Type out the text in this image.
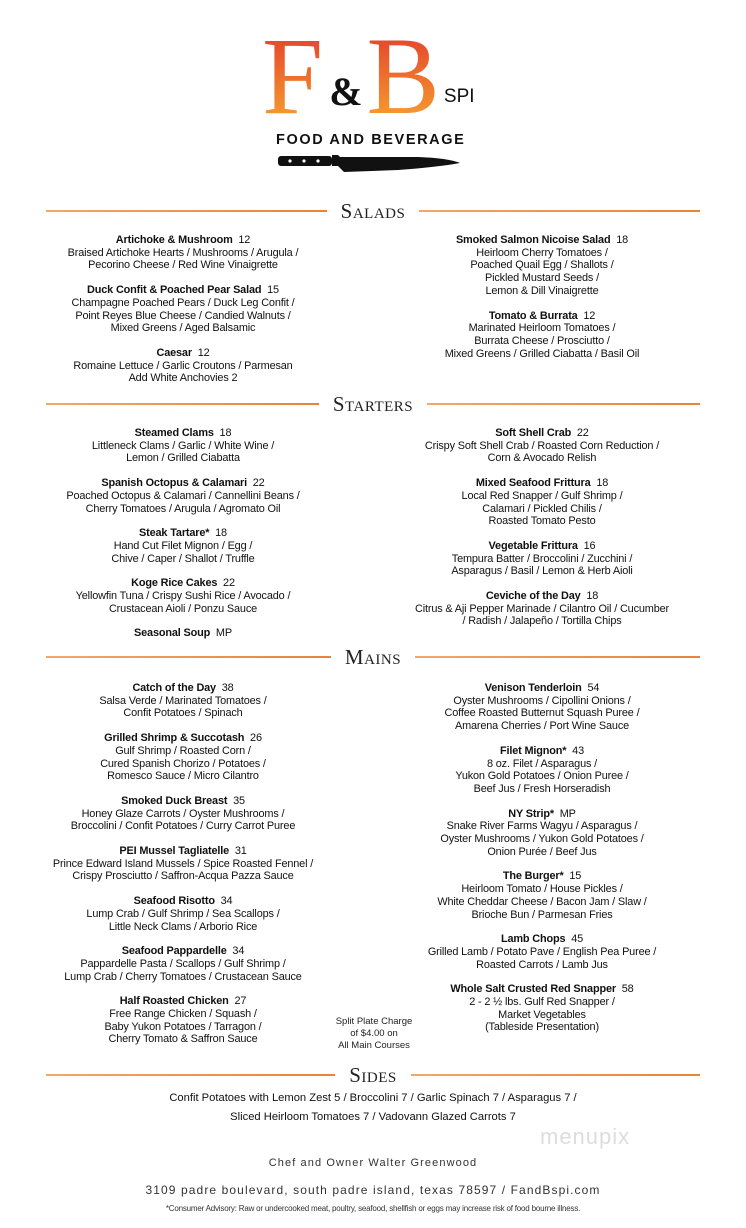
F & B SPI
FOOD AND BEVERAGE
Salads
Artichoke & Mushroom 12
Braised Artichoke Hearts / Mushrooms / Arugula /
Pecorino Cheese / Red Wine Vinaigrette
Duck Confit & Poached Pear Salad 15
Champagne Poached Pears / Duck Leg Confit /
Point Reyes Blue Cheese / Candied Walnuts /
Mixed Greens / Aged Balsamic
Caesar 12
Romaine Lettuce / Garlic Croutons / Parmesan
Add White Anchovies 2
Smoked Salmon Nicoise Salad 18
Heirloom Cherry Tomatoes /
Poached Quail Egg / Shallots /
Pickled Mustard Seeds /
Lemon & Dill Vinaigrette
Tomato & Burrata 12
Marinated Heirloom Tomatoes /
Burrata Cheese / Prosciutto /
Mixed Greens / Grilled Ciabatta / Basil Oil
Starters
Steamed Clams 18
Littleneck Clams / Garlic / White Wine /
Lemon / Grilled Ciabatta
Spanish Octopus & Calamari 22
Poached Octopus & Calamari / Cannellini Beans /
Cherry Tomatoes / Arugula / Agromato Oil
Steak Tartare* 18
Hand Cut Filet Mignon / Egg /
Chive / Caper / Shallot / Truffle
Koge Rice Cakes 22
Yellowfin Tuna / Crispy Sushi Rice / Avocado /
Crustacean Aioli / Ponzu Sauce
Seasonal Soup MP
Soft Shell Crab 22
Crispy Soft Shell Crab / Roasted Corn Reduction /
Corn & Avocado Relish
Mixed Seafood Frittura 18
Local Red Snapper / Gulf Shrimp /
Calamari / Pickled Chilis /
Roasted Tomato Pesto
Vegetable Frittura 16
Tempura Batter / Broccolini / Zucchini /
Asparagus / Basil / Lemon & Herb Aioli
Ceviche of the Day 18
Citrus & Aji Pepper Marinade / Cilantro Oil / Cucumber
/ Radish / Jalapeño / Tortilla Chips
Mains
Catch of the Day 38
Salsa Verde / Marinated Tomatoes /
Confit Potatoes / Spinach
Grilled Shrimp & Succotash 26
Gulf Shrimp / Roasted Corn /
Cured Spanish Chorizo / Potatoes /
Romesco Sauce / Micro Cilantro
Smoked Duck Breast 35
Honey Glaze Carrots / Oyster Mushrooms /
Broccolini / Confit Potatoes / Curry Carrot Puree
PEI Mussel Tagliatelle 31
Prince Edward Island Mussels / Spice Roasted Fennel /
Crispy Prosciutto / Saffron-Acqua Pazza Sauce
Seafood Risotto 34
Lump Crab / Gulf Shrimp / Sea Scallops /
Little Neck Clams / Arborio Rice
Seafood Pappardelle 34
Pappardelle Pasta / Scallops / Gulf Shrimp /
Lump Crab / Cherry Tomatoes / Crustacean Sauce
Half Roasted Chicken 27
Free Range Chicken / Squash /
Baby Yukon Potatoes / Tarragon /
Cherry Tomato & Saffron Sauce
Venison Tenderloin 54
Oyster Mushrooms / Cipollini Onions /
Coffee Roasted Butternut Squash Puree /
Amarena Cherries / Port Wine Sauce
Filet Mignon* 43
8 oz. Filet / Asparagus /
Yukon Gold Potatoes / Onion Puree /
Beef Jus / Fresh Horseradish
NY Strip* MP
Snake River Farms Wagyu / Asparagus /
Oyster Mushrooms / Yukon Gold Potatoes /
Onion Purée / Beef Jus
The Burger* 15
Heirloom Tomato / House Pickles /
White Cheddar Cheese / Bacon Jam / Slaw /
Brioche Bun / Parmesan Fries
Lamb Chops 45
Grilled Lamb / Potato Pave / English Pea Puree /
Roasted Carrots / Lamb Jus
Whole Salt Crusted Red Snapper 58
2 - 2 ½ lbs. Gulf Red Snapper /
Market Vegetables
(Tableside Presentation)
Sides
Split Plate Charge
of $4.00 on
All Main Courses
Confit Potatoes with Lemon Zest 5 / Broccolini 7 / Garlic Spinach 7 / Asparagus 7 /
Sliced Heirloom Tomatoes 7 / Vadovann Glazed Carrots 7
menupix
Chef and Owner Walter Greenwood
3109 padre boulevard, south padre island, texas 78597 / FandBspi.com
*Consumer Advisory: Raw or undercooked meat, poultry, seafood, shellfish or eggs may increase risk of food bourne illness.
